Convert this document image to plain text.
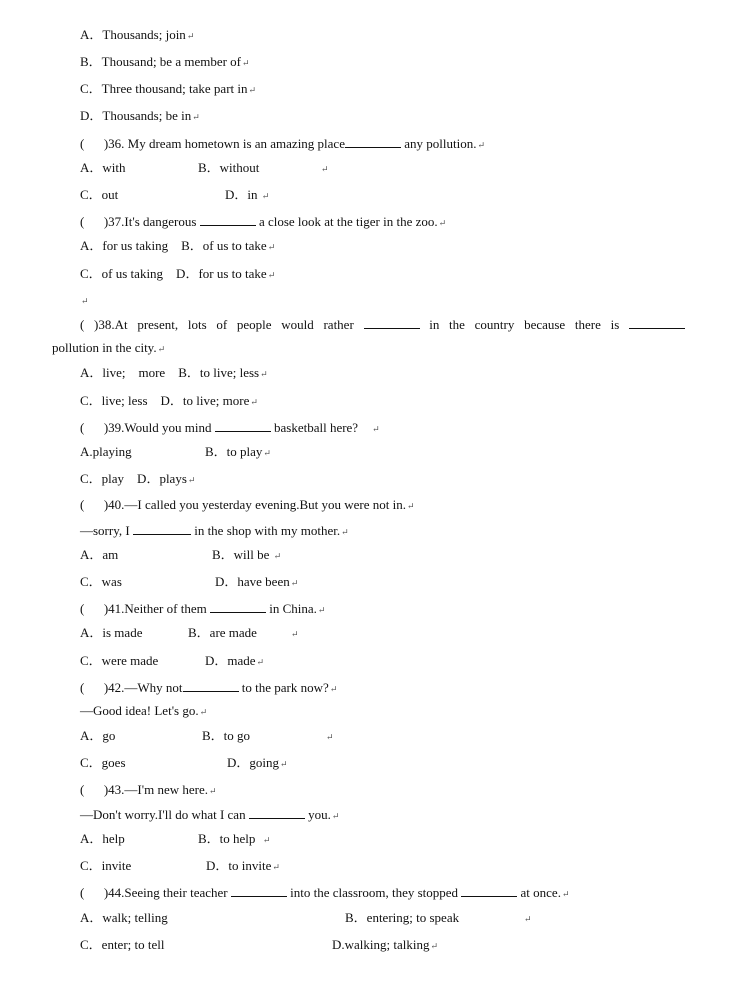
A．Thousands; join↵
B．Thousand; be a member of↵
C．Three thousand; take part in↵
D．Thousands; be in↵
(      )36. My dream hometown is an amazing place	any pollution.↵
A．with	B．without	↵
C．out	D．in ↵
(      )37.It's dangerous	a close look at the tiger in the zoo.↵
A．for us taking    B．of us to take↵
C．of us taking    D．for us to take↵
↵
( )38.At present, lots of people would rather	in the country because there is
pollution in the city.↵
A．live;    more    B．to live; less↵
C．live; less    D．to live; more↵
(      )39.Would you mind	basketball here? ↵
A.playing	B．to play↵
C．play    D．plays↵
(      )40.—I called you yesterday evening.But you were not in.↵
—sorry, I	in the shop with my mother.↵
A．am	B．will be ↵
C．was	D．have been↵
(      )41.Neither of them	in China.↵
A．is made	B．are made	↵
C．were made	D．made↵
(      )42.—Why not	to the park now?↵
—Good idea! Let's go.↵
A．go	B．to go	↵
C．goes	D．going↵
(      )43.—I'm new here.↵
—Don't worry.I'll do what I can	you.↵
A．help	B．to help ↵
C．invite	D．to invite↵
(      )44.Seeing their teacher	into the classroom, they stopped	at once.↵
A．walk; telling	B．entering; to speak	↵
C．enter; to tell	D.walking; talking↵
